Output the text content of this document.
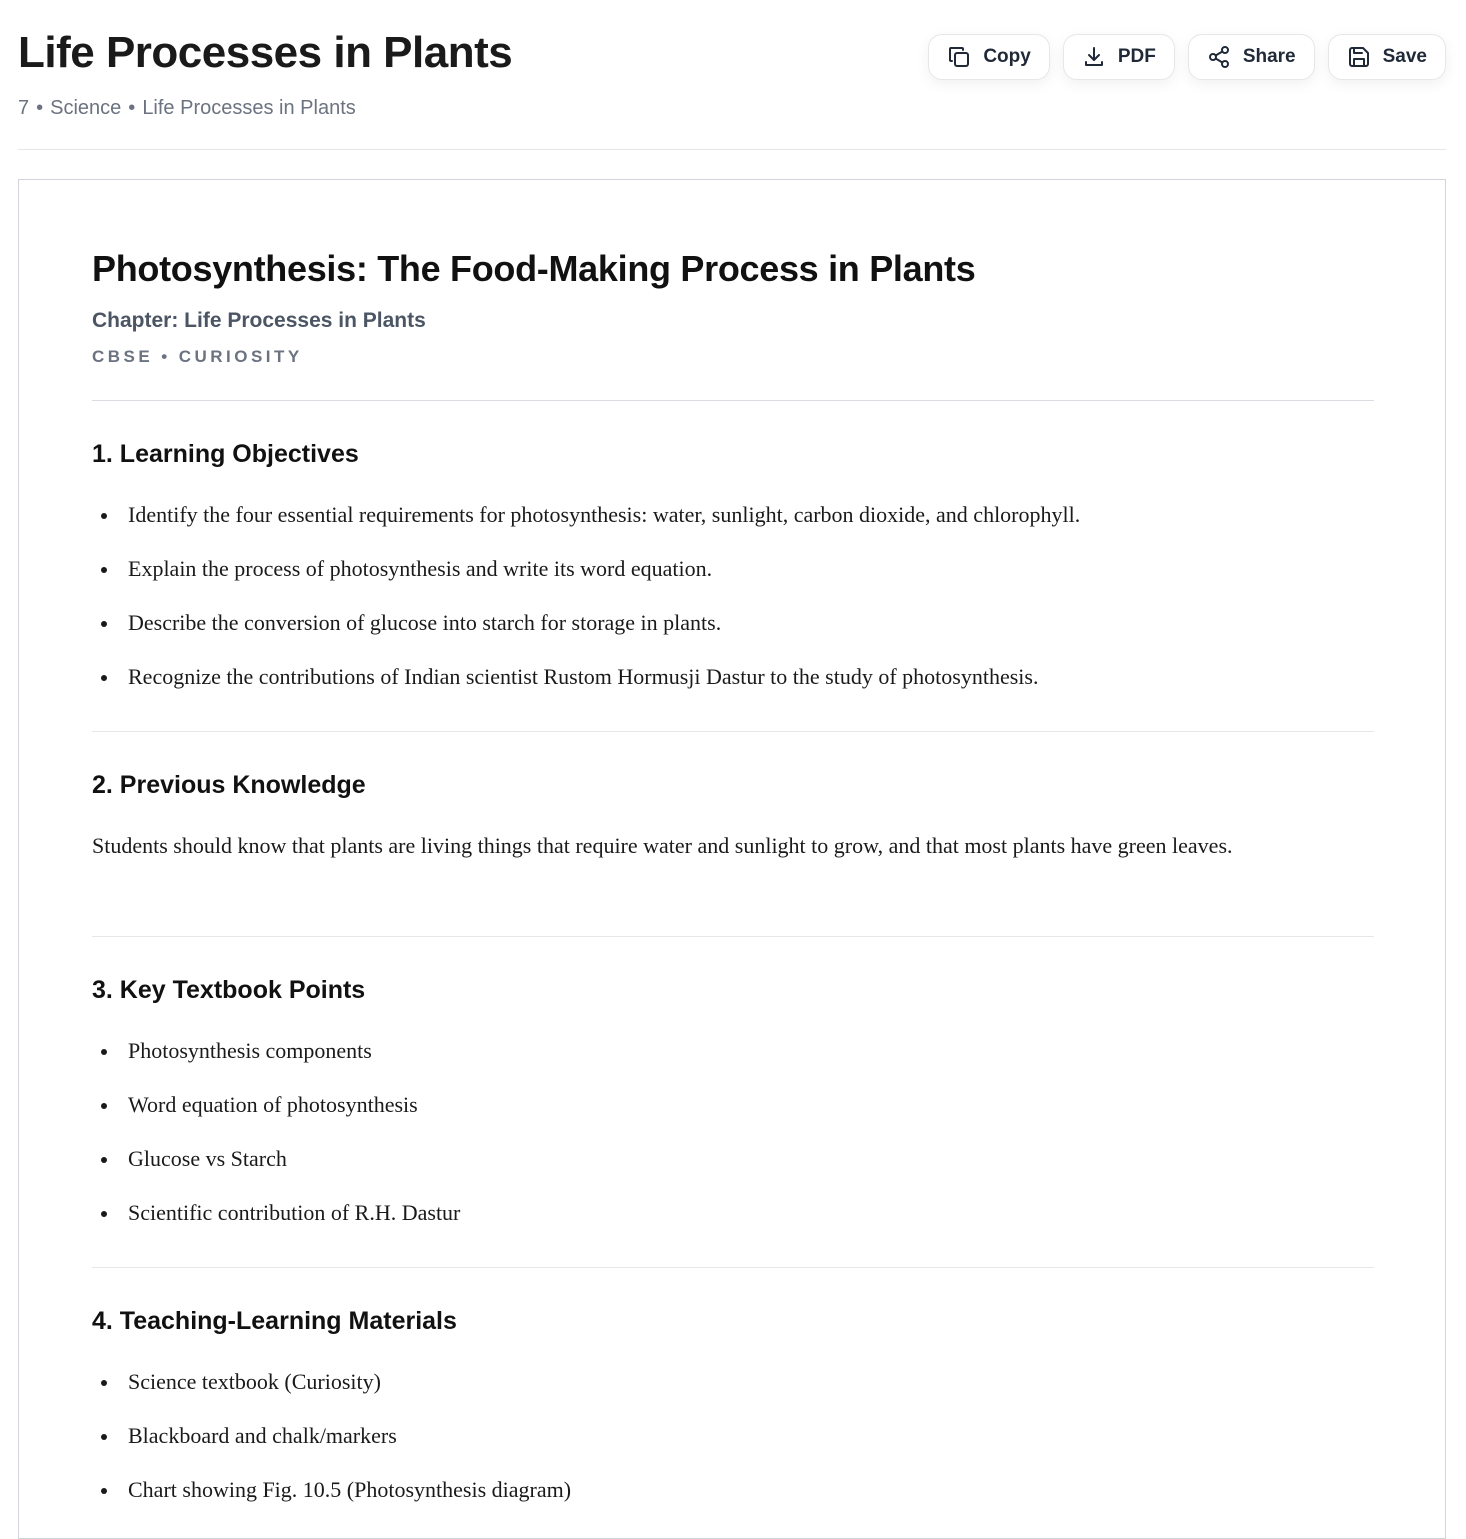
Life Processes in Plants
7 • Science • Life Processes in Plants
Copy	PDF	Share	Save
Photosynthesis: The Food-Making Process in Plants
Chapter: Life Processes in Plants
CBSE • CURIOSITY
1. Learning Objectives
Identify the four essential requirements for photosynthesis: water, sunlight, carbon dioxide, and chlorophyll.
Explain the process of photosynthesis and write its word equation.
Describe the conversion of glucose into starch for storage in plants.
Recognize the contributions of Indian scientist Rustom Hormusji Dastur to the study of photosynthesis.
2. Previous Knowledge

Students should know that plants are living things that require water and sunlight to grow, and that most plants have green leaves.

3. Key Textbook Points
Photosynthesis components
Word equation of photosynthesis
Glucose vs Starch
Scientific contribution of R.H. Dastur
4. Teaching-Learning Materials
Science textbook (Curiosity)
Blackboard and chalk/markers
Chart showing Fig. 10.5 (Photosynthesis diagram)
